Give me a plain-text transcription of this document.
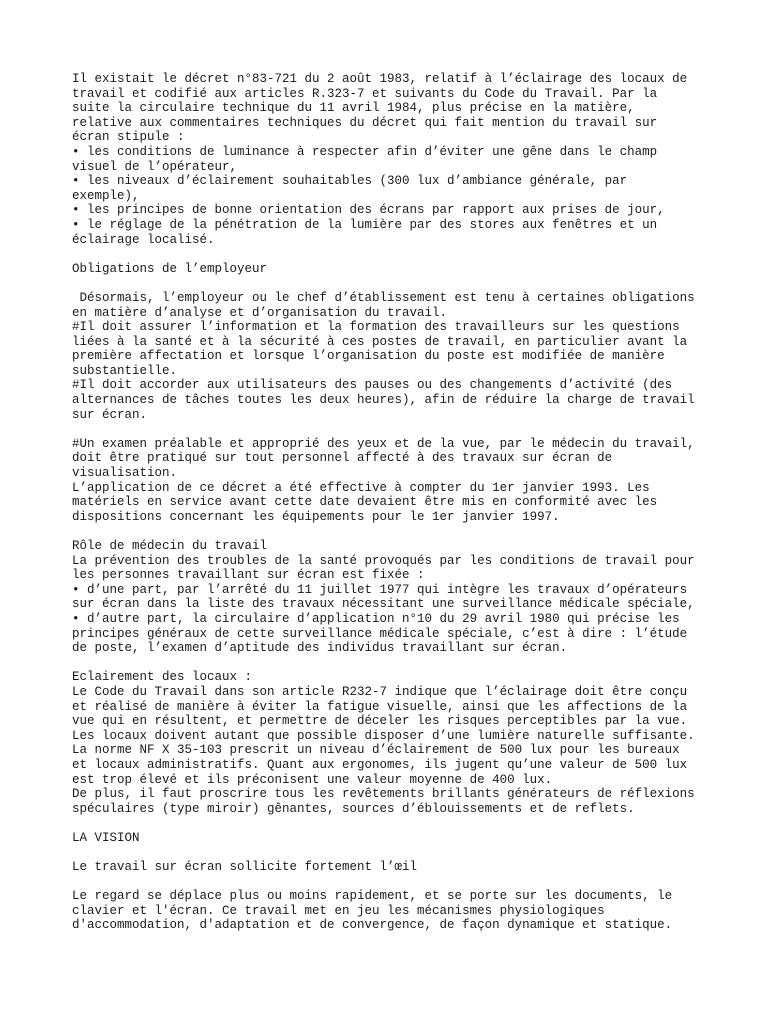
Il existait le décret n°83-721 du 2 août 1983, relatif à l’éclairage des locaux de
travail et codifié aux articles R.323-7 et suivants du Code du Travail. Par la
suite la circulaire technique du 11 avril 1984, plus précise en la matière,
relative aux commentaires techniques du décret qui fait mention du travail sur
écran stipule :
• les conditions de luminance à respecter afin d’éviter une gêne dans le champ
visuel de l’opérateur,
• les niveaux d’éclairement souhaitables (300 lux d’ambiance générale, par
exemple),
• les principes de bonne orientation des écrans par rapport aux prises de jour,
• le réglage de la pénétration de la lumière par des stores aux fenêtres et un
éclairage localisé.
Obligations de l’employeur
Désormais, l’employeur ou le chef d’établissement est tenu à certaines obligations
en matière d’analyse et d’organisation du travail.
#Il doit assurer l’information et la formation des travailleurs sur les questions
liées à la santé et à la sécurité à ces postes de travail, en particulier avant la
première affectation et lorsque l’organisation du poste est modifiée de manière
substantielle.
#Il doit accorder aux utilisateurs des pauses ou des changements d’activité (des
alternances de tâches toutes les deux heures), afin de réduire la charge de travail
sur écran.
#Un examen préalable et approprié des yeux et de la vue, par le médecin du travail,
doit être pratiqué sur tout personnel affecté à des travaux sur écran de
visualisation.
L’application de ce décret a été effective à compter du 1er janvier 1993. Les
matériels en service avant cette date devaient être mis en conformité avec les
dispositions concernant les équipements pour le 1er janvier 1997.
Rôle de médecin du travail
La prévention des troubles de la santé provoqués par les conditions de travail pour
les personnes travaillant sur écran est fixée :
• d’une part, par l’arrêté du 11 juillet 1977 qui intègre les travaux d’opérateurs
sur écran dans la liste des travaux nécessitant une surveillance médicale spéciale,
• d’autre part, la circulaire d’application n°10 du 29 avril 1980 qui précise les
principes généraux de cette surveillance médicale spéciale, c’est à dire : l’étude
de poste, l’examen d’aptitude des individus travaillant sur écran.
Eclairement des locaux :
Le Code du Travail dans son article R232-7 indique que l’éclairage doit être conçu
et réalisé de manière à éviter la fatigue visuelle, ainsi que les affections de la
vue qui en résultent, et permettre de déceler les risques perceptibles par la vue.
Les locaux doivent autant que possible disposer d’une lumière naturelle suffisante.
La norme NF X 35-103 prescrit un niveau d’éclairement de 500 lux pour les bureaux
et locaux administratifs. Quant aux ergonomes, ils jugent qu’une valeur de 500 lux
est trop élevé et ils préconisent une valeur moyenne de 400 lux.
De plus, il faut proscrire tous les revêtements brillants générateurs de réflexions
spéculaires (type miroir) gênantes, sources d’éblouissements et de reflets.
LA VISION
Le travail sur écran sollicite fortement l’œil
Le regard se déplace plus ou moins rapidement, et se porte sur les documents, le
clavier et l'écran. Ce travail met en jeu les mécanismes physiologiques
d'accommodation, d'adaptation et de convergence, de façon dynamique et statique.
